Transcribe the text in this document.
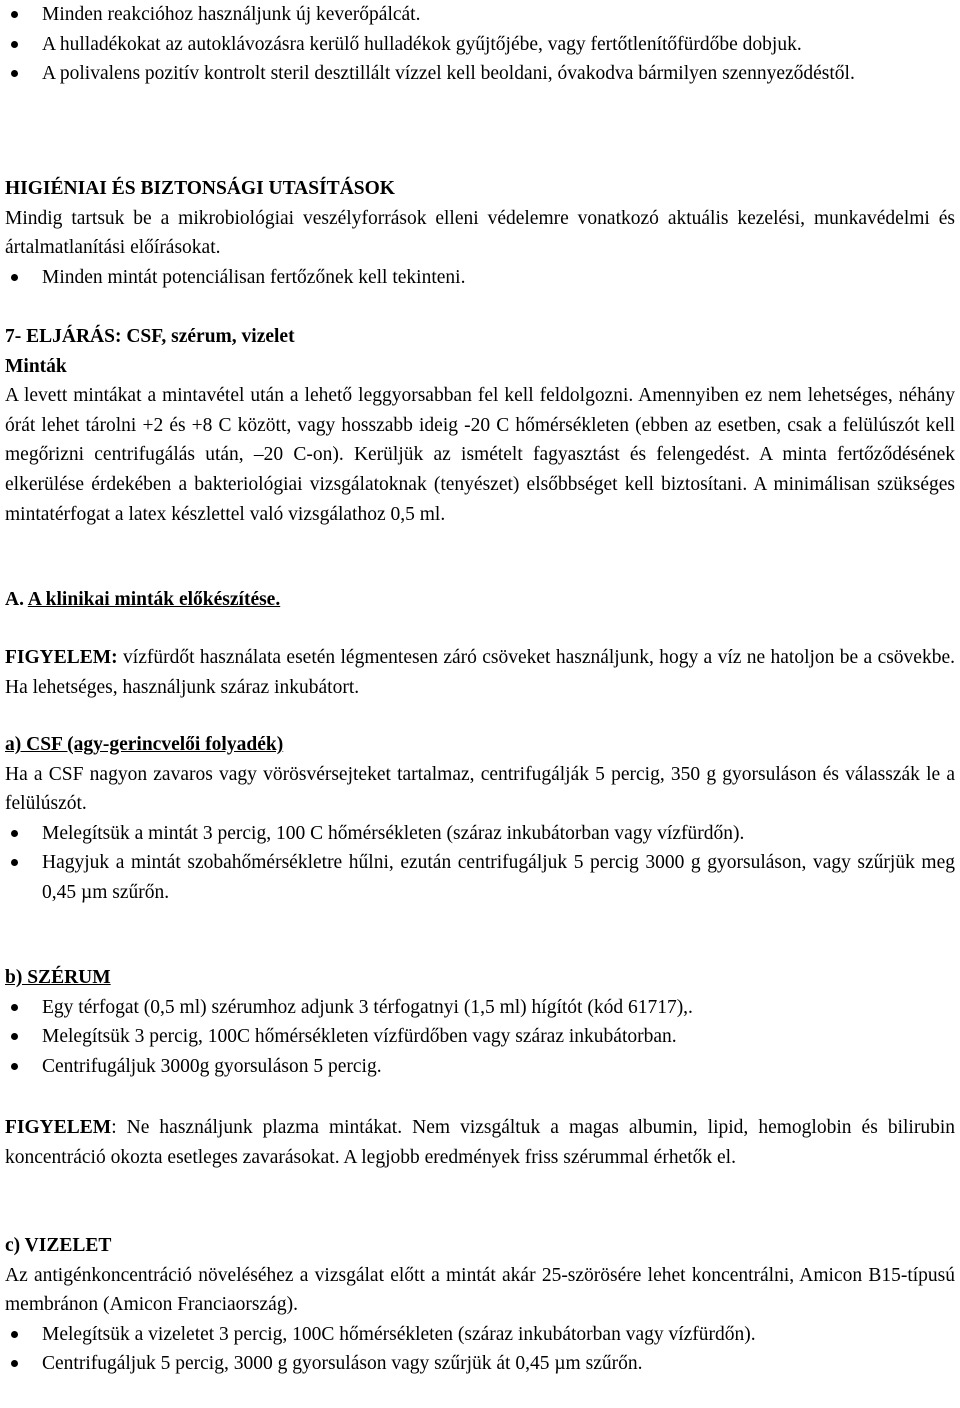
Minden reakcióhoz használjunk új keverőpálcát.

A hulladékokat az autoklávozásra kerülő hulladékok gyűjtőjébe, vagy fertőtlenítőfürdőbe dobjuk.

A polivalens pozitív kontrolt steril desztillált vízzel kell beoldani, óvakodva bármilyen szennyeződéstől.

HIGIÉNIAI ÉS BIZTONSÁGI UTASÍTÁSOK

Mindig tartsuk be a mikrobiológiai veszélyforrások elleni védelemre vonatkozó aktuális kezelési, munkavédelmi és ártalmatlanítási előírásokat.

Minden mintát potenciálisan fertőzőnek kell tekinteni.

7- ELJÁRÁS: CSF, szérum, vizelet

Minták

A levett mintákat a mintavétel után a lehető leggyorsabban fel kell feldolgozni. Amennyiben ez nem lehetséges, néhány órát lehet tárolni +2 és +8 C között, vagy hosszabb ideig -20 C hőmérsékleten (ebben az esetben, csak a felülúszót kell megőrizni centrifugálás után, –20 C-on). Kerüljük az ismételt fagyasztást és felengedést. A minta fertőződésének elkerülése érdekében a bakteriológiai vizsgálatoknak (tenyészet) elsőbbséget kell biztosítani. A minimálisan szükséges mintatérfogat a latex készlettel való vizsgálathoz 0,5 ml.

A. A klinikai minták előkészítése.

FIGYELEM: vízfürdőt használata esetén légmentesen záró csöveket használjunk, hogy a víz ne hatoljon be a csövekbe. Ha lehetséges, használjunk száraz inkubátort.

a) CSF (agy-gerincvelői folyadék)

Ha a CSF nagyon zavaros vagy vörösvérsejteket tartalmaz, centrifugálják 5 percig, 350 g gyorsuláson és válasszák le a felülúszót.

Melegítsük a mintát 3 percig, 100 C hőmérsékleten (száraz inkubátorban vagy vízfürdőn).

Hagyjuk a mintát szobahőmérsékletre hűlni, ezután centrifugáljuk 5 percig 3000 g gyorsuláson, vagy szűrjük meg 0,45 µm szűrőn.

b) SZÉRUM

Egy térfogat (0,5 ml) szérumhoz adjunk 3 térfogatnyi (1,5 ml) hígítót (kód 61717),.

Melegítsük 3 percig, 100C hőmérsékleten vízfürdőben vagy száraz inkubátorban.

Centrifugáljuk 3000g gyorsuláson 5 percig.

FIGYELEM: Ne használjunk plazma mintákat. Nem vizsgáltuk a magas albumin, lipid, hemoglobin és bilirubin koncentráció okozta esetleges zavarásokat. A legjobb eredmények friss szérummal érhetők el.

c) VIZELET

Az antigénkoncentráció növeléséhez a vizsgálat előtt a mintát akár 25-szörösére lehet koncentrálni, Amicon B15-típusú membránon (Amicon Franciaország).

Melegítsük a vizeletet 3 percig, 100C hőmérsékleten (száraz inkubátorban vagy vízfürdőn).

Centrifugáljuk 5 percig, 3000 g gyorsuláson vagy szűrjük át 0,45 µm szűrőn.
